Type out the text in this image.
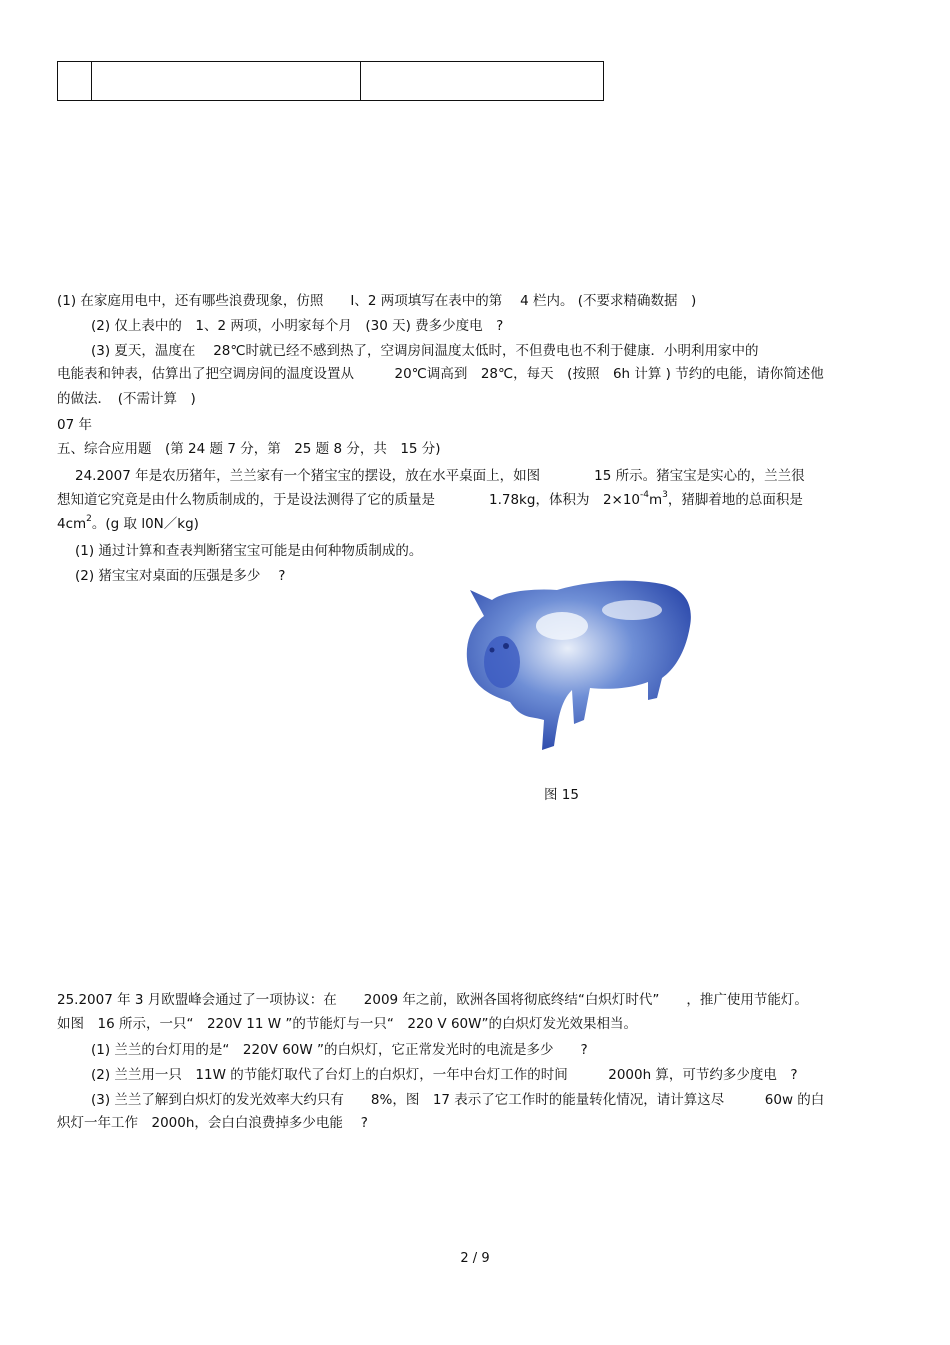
(1) 在家庭用电中，还有哪些浪费现象，仿照　　I、2 两项填写在表中的第　 4 栏内。 (不要求精确数据　)
(2) 仅上表中的　1、2 两项，小明家每个月　(30 天) 费多少度电　?
(3) 夏天，温度在　 28℃时就已经不感到热了，空调房间温度太低时，不但费电也不利于健康．小明利用家中的
电能表和钟表，估算出了把空调房间的温度设置从　　　20℃调高到　28℃，每天　(按照　6h 计算 ) 节约的电能，请你简述他
的做法．　(不需计算　)
07 年
五、综合应用题　(第 24 题 7 分，第　25 题 8 分，共　15 分)
24.2007 年是农历猪年，兰兰家有一个猪宝宝的摆设，放在水平桌面上，如图　　　　15 所示。猪宝宝是实心的，兰兰很
想知道它究竟是由什么物质制成的，于是设法测得了它的质量是　　　　1.78kg，体积为　$2\times 10^{-4}m^3$，猪脚着地的总面积是
$4cm^2$。(g 取 l0N／kg)
(1) 通过计算和查表判断猪宝宝可能是由何种物质制成的。
(2) 猪宝宝对桌面的压强是多少　 ?
图 15
25.2007 年 3 月欧盟峰会通过了一项协议：在　　2009 年之前，欧洲各国将彻底终结“白炽灯时代”　　，推广使用节能灯。
如图　16 所示，一只“　220V 11 W ”的节能灯与一只“　220 V 60W”的白炽灯发光效果相当。
(1) 兰兰的台灯用的是“　220V 60W ”的白炽灯，它正常发光时的电流是多少　　?
(2) 兰兰用一只　11W 的节能灯取代了台灯上的白炽灯，一年中台灯工作的时间　　　2000h 算，可节约多少度电　?
(3) 兰兰了解到白炽灯的发光效率大约只有　　8%，图　17 表示了它工作时的能量转化情况，请计算这尽　　　60w 的白
炽灯一年工作　2000h，会白白浪费掉多少电能　 ?
2 / 9
